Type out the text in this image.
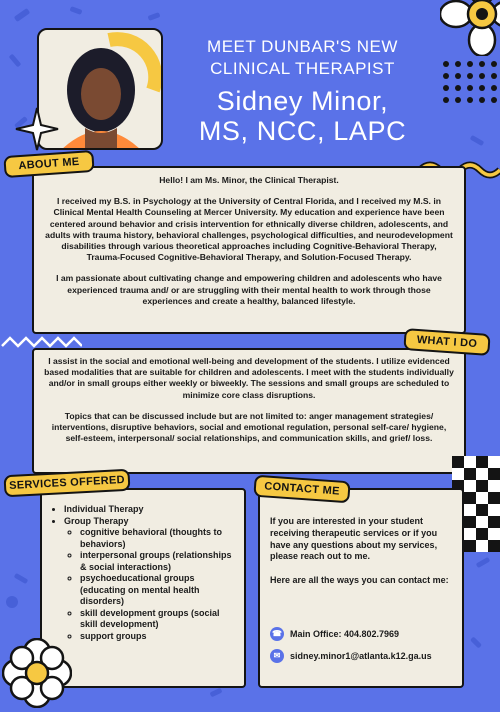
MEET DUNBAR'S NEW
CLINICAL THERAPIST
Sidney Minor,
MS, NCC, LAPC

Hello! I am Ms. Minor, the Clinical Therapist.

I received my B.S. in Psychology at the University of Central Florida, and I received my M.S. in Clinical Mental Health Counseling at Mercer University. My education and experience have been centered around behavior and crisis intervention for ethnically diverse children, adolescents, and adults with trauma history, behavioral challenges, psychological difficulties, and neurodevelopment disabilities through various theoretical approaches including Cognitive-Behavioral Therapy, Trauma-Focused Cognitive-Behavioral Therapy, and Solution-Focused Therapy.

I am passionate about cultivating change and empowering children and adolescents who have experienced trauma and/ or are struggling with their mental health to work through those experiences and create a healthy, balanced lifestyle.

ABOUT ME

I assist in the social and emotional well-being and development of the students. I utilize evidenced based modalities that are suitable for children and adolescents. I meet with the students individually and/or in small groups either weekly or biweekly. The sessions and small groups are scheduled to minimize core class disruptions.

Topics that can be discussed include but are not limited to: anger management strategies/ interventions, disruptive behaviors, social and emotional regulation, personal self-care/ hygiene, self-esteem, interpersonal/ social relationships, and communication skills, and grief/ loss.

WHAT I DO
• Individual Therapy
• Group Therapy
◦ cognitive behavioral (thoughts to behaviors)
◦ interpersonal groups (relationships & social interactions)
◦ psychoeducational groups (educating on mental health disorders)
◦ skill development groups (social skill development)
◦ support groups
SERVICES OFFERED

If you are interested in your student receiving therapeutic services or if you have any questions about my services, please reach out to me.

Here are all the ways you can contact me:

☎ Main Office: 404.802.7969
✉	sidney.minor1@atlanta.k12.ga.us
CONTACT ME
